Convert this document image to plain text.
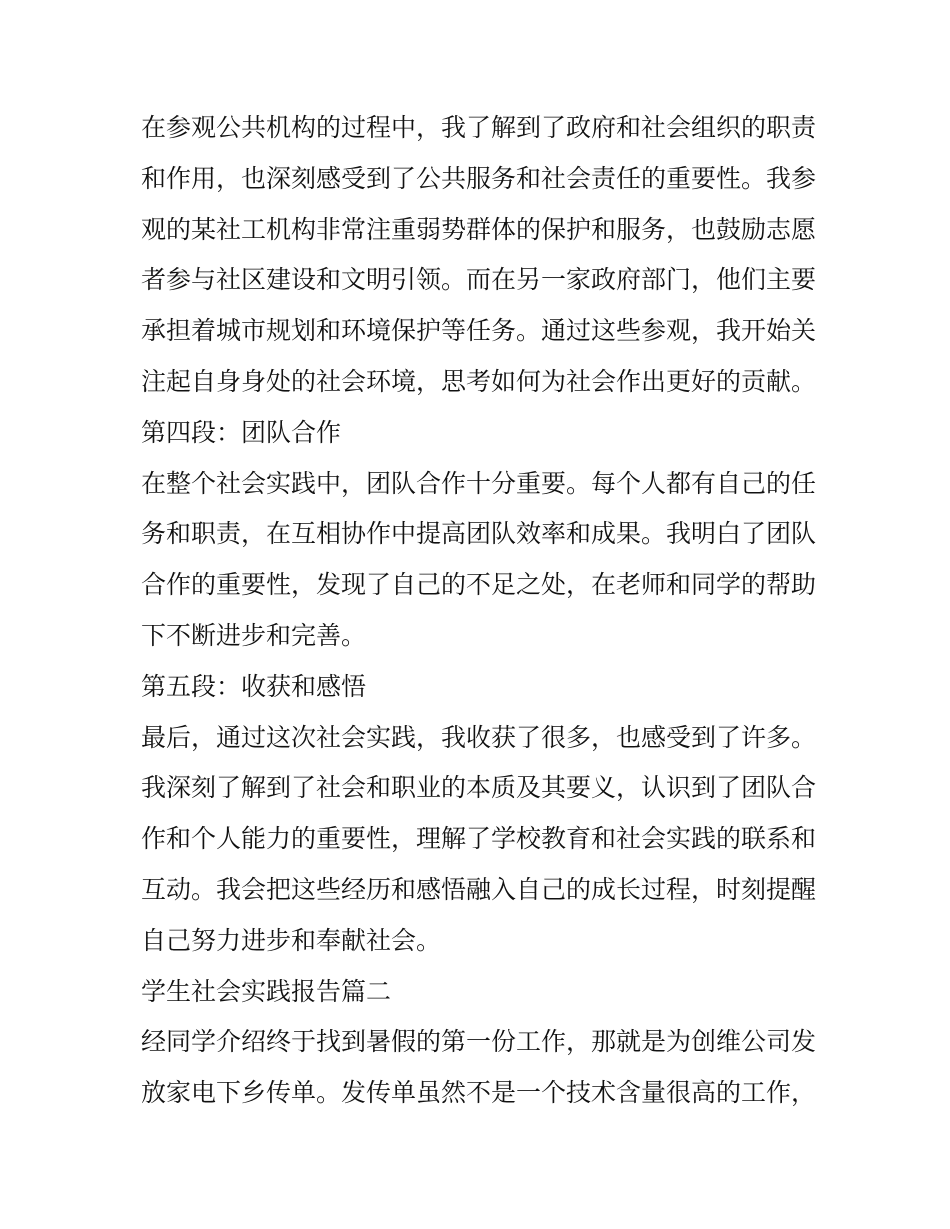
在参观公共机构的过程中，我了解到了政府和社会组织的职责和作用，也深刻感受到了公共服务和社会责任的重要性。我参观的某社工机构非常注重弱势群体的保护和服务，也鼓励志愿者参与社区建设和文明引领。而在另一家政府部门，他们主要承担着城市规划和环境保护等任务。通过这些参观，我开始关注起自身身处的社会环境，思考如何为社会作出更好的贡献。

第四段：团队合作

在整个社会实践中，团队合作十分重要。每个人都有自己的任务和职责，在互相协作中提高团队效率和成果。我明白了团队合作的重要性，发现了自己的不足之处，在老师和同学的帮助下不断进步和完善。

第五段：收获和感悟

最后，通过这次社会实践，我收获了很多，也感受到了许多。我深刻了解到了社会和职业的本质及其要义，认识到了团队合作和个人能力的重要性，理解了学校教育和社会实践的联系和互动。我会把这些经历和感悟融入自己的成长过程，时刻提醒自己努力进步和奉献社会。

学生社会实践报告篇二

经同学介绍终于找到暑假的第一份工作，那就是为创维公司发放家电下乡传单。发传单虽然不是一个技术含量很高的工作，
